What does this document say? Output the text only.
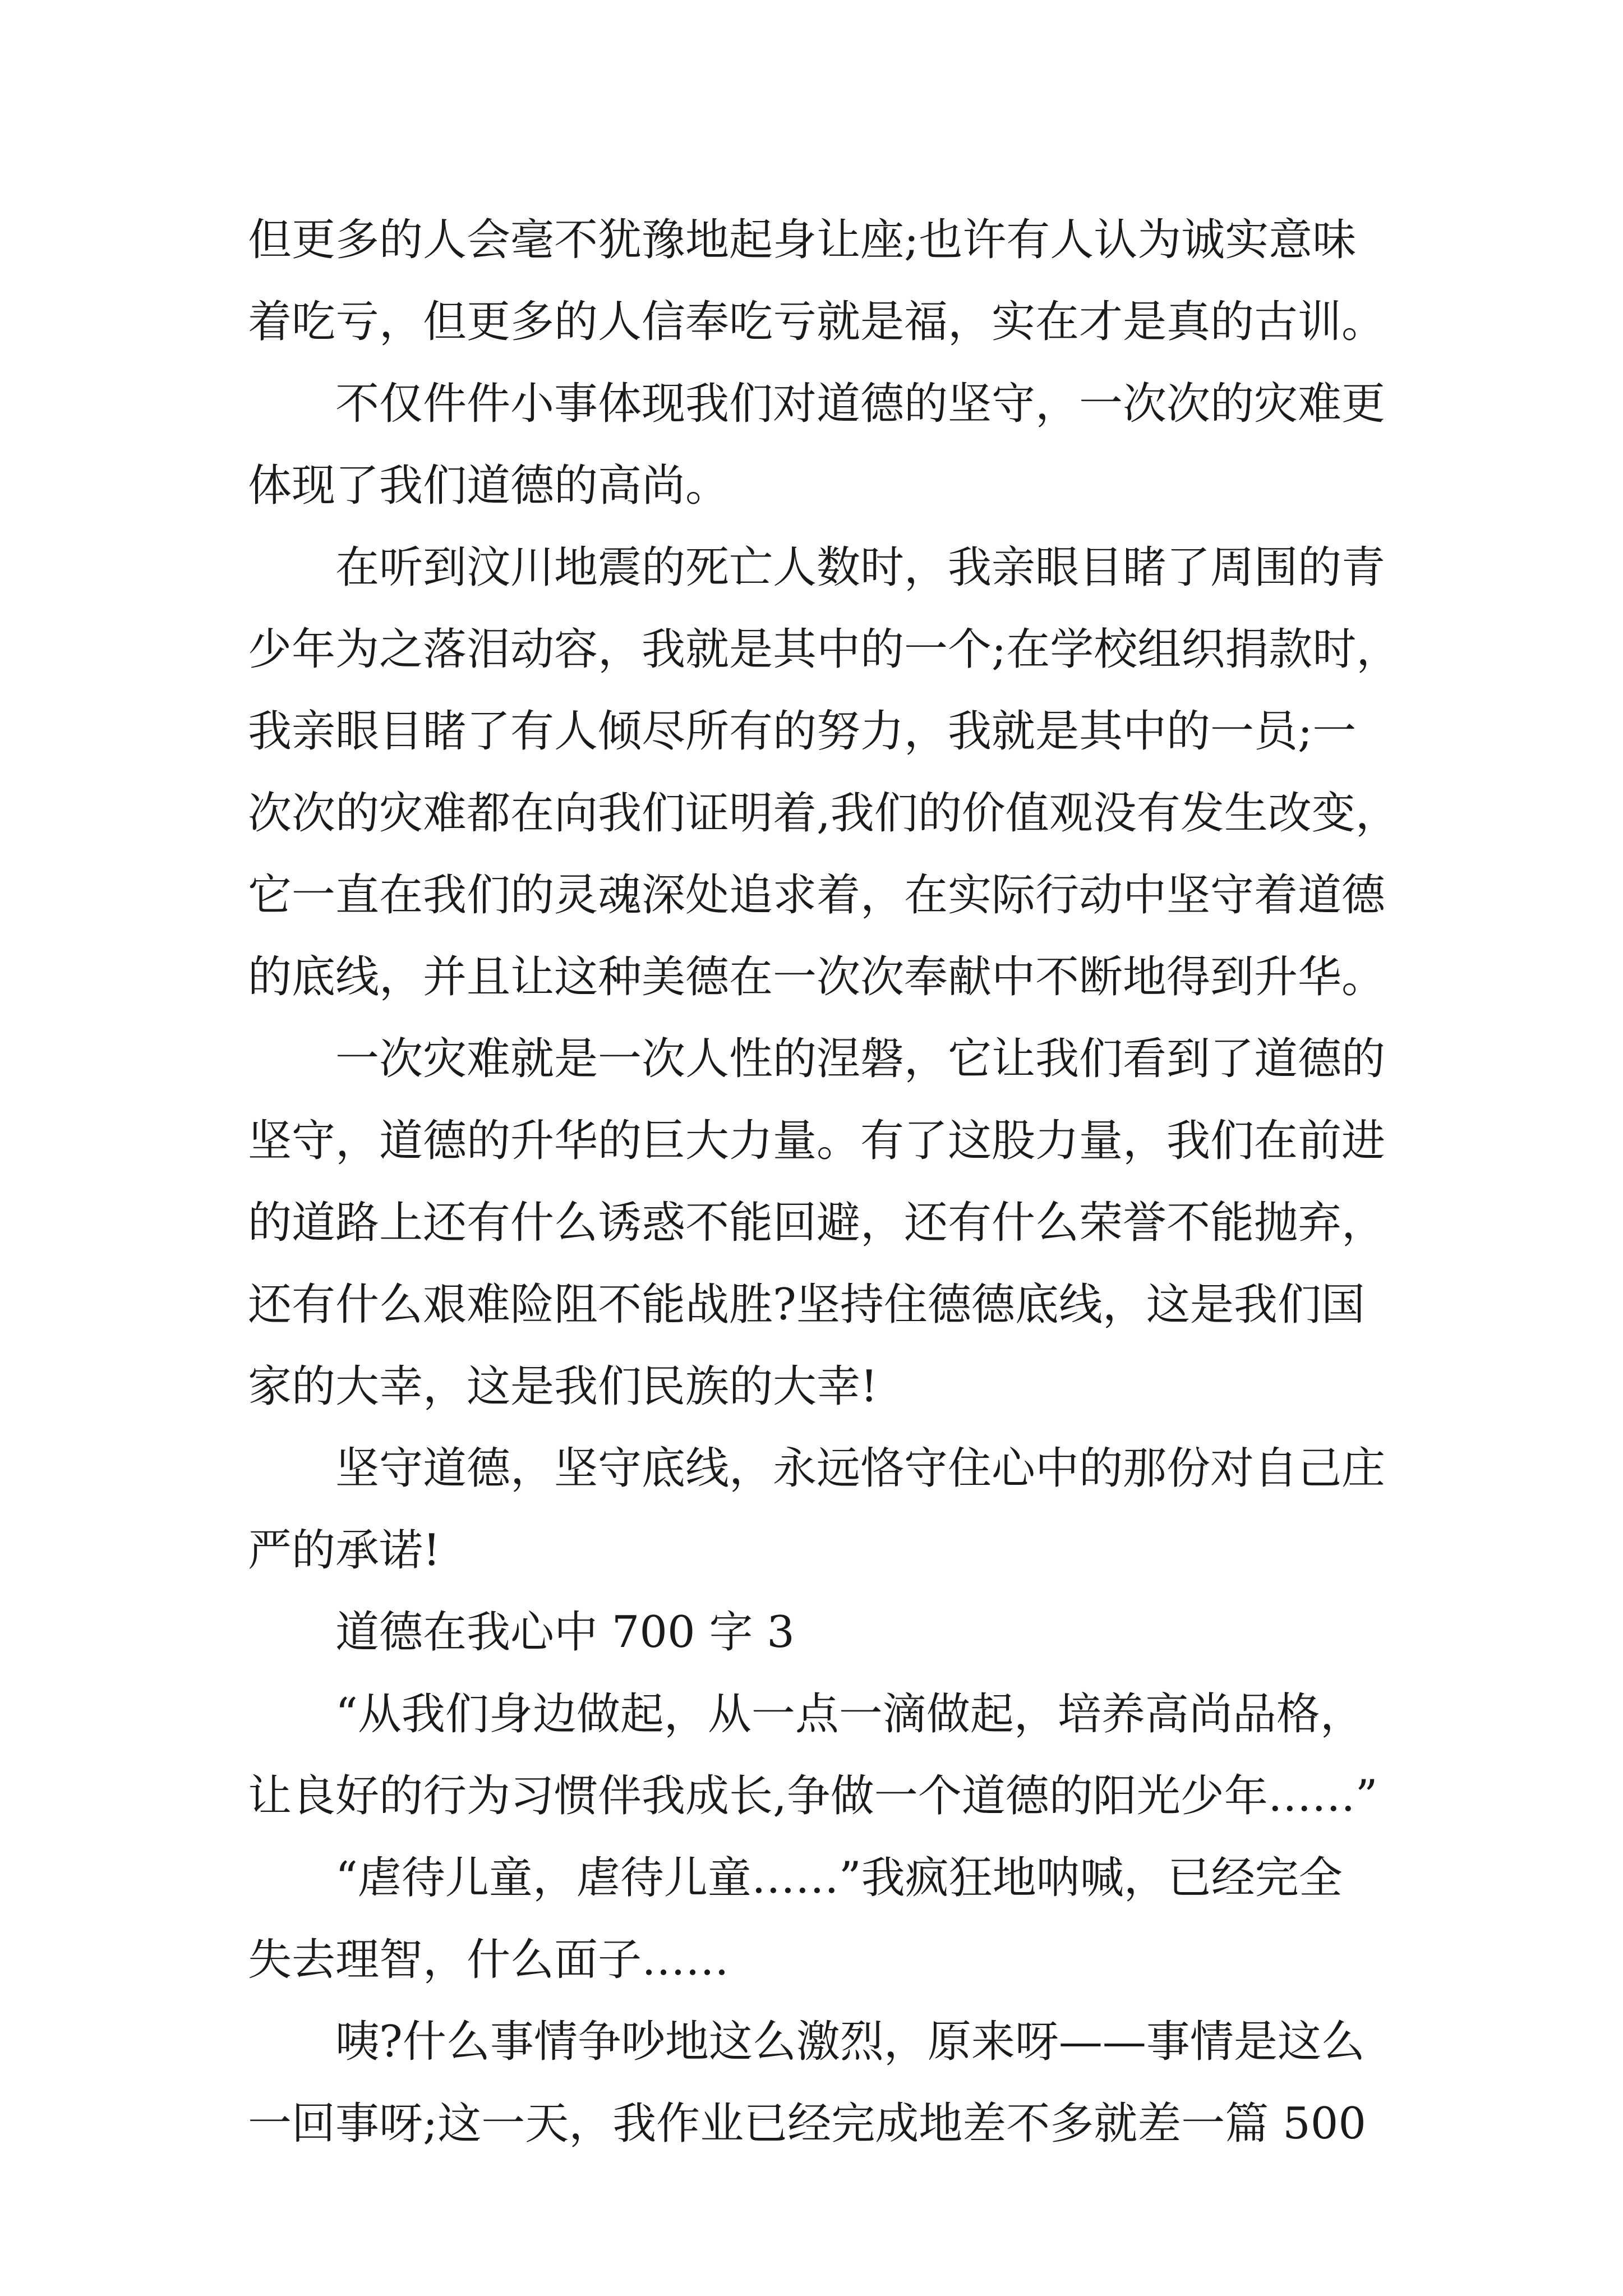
但更多的人会毫不犹豫地起身让座;也许有人认为诚实意味
着吃亏，但更多的人信奉吃亏就是福，实在才是真的古训。
　　不仅件件小事体现我们对道德的坚守，一次次的灾难更
体现了我们道德的高尚。
　　在听到汶川地震的死亡人数时，我亲眼目睹了周围的青
少年为之落泪动容，我就是其中的一个;在学校组织捐款时，
我亲眼目睹了有人倾尽所有的努力，我就是其中的一员;一
次次的灾难都在向我们证明着,我们的价值观没有发生改变，
它一直在我们的灵魂深处追求着，在实际行动中坚守着道德
的底线，并且让这种美德在一次次奉献中不断地得到升华。
　　一次灾难就是一次人性的涅磐，它让我们看到了道德的
坚守，道德的升华的巨大力量。有了这股力量，我们在前进
的道路上还有什么诱惑不能回避，还有什么荣誉不能抛弃，
还有什么艰难险阻不能战胜?坚持住德德底线，这是我们国
家的大幸，这是我们民族的大幸!
　　坚守道德，坚守底线，永远恪守住心中的那份对自己庄
严的承诺!
　　道德在我心中 700 字 3
　　“从我们身边做起，从一点一滴做起，培养高尚品格，
让良好的行为习惯伴我成长,争做一个道德的阳光少年……”
　　“虐待儿童，虐待儿童……”我疯狂地呐喊，已经完全
失去理智，什么面子……
　　咦?什么事情争吵地这么激烈，原来呀——事情是这么
一回事呀;这一天，我作业已经完成地差不多就差一篇 500
